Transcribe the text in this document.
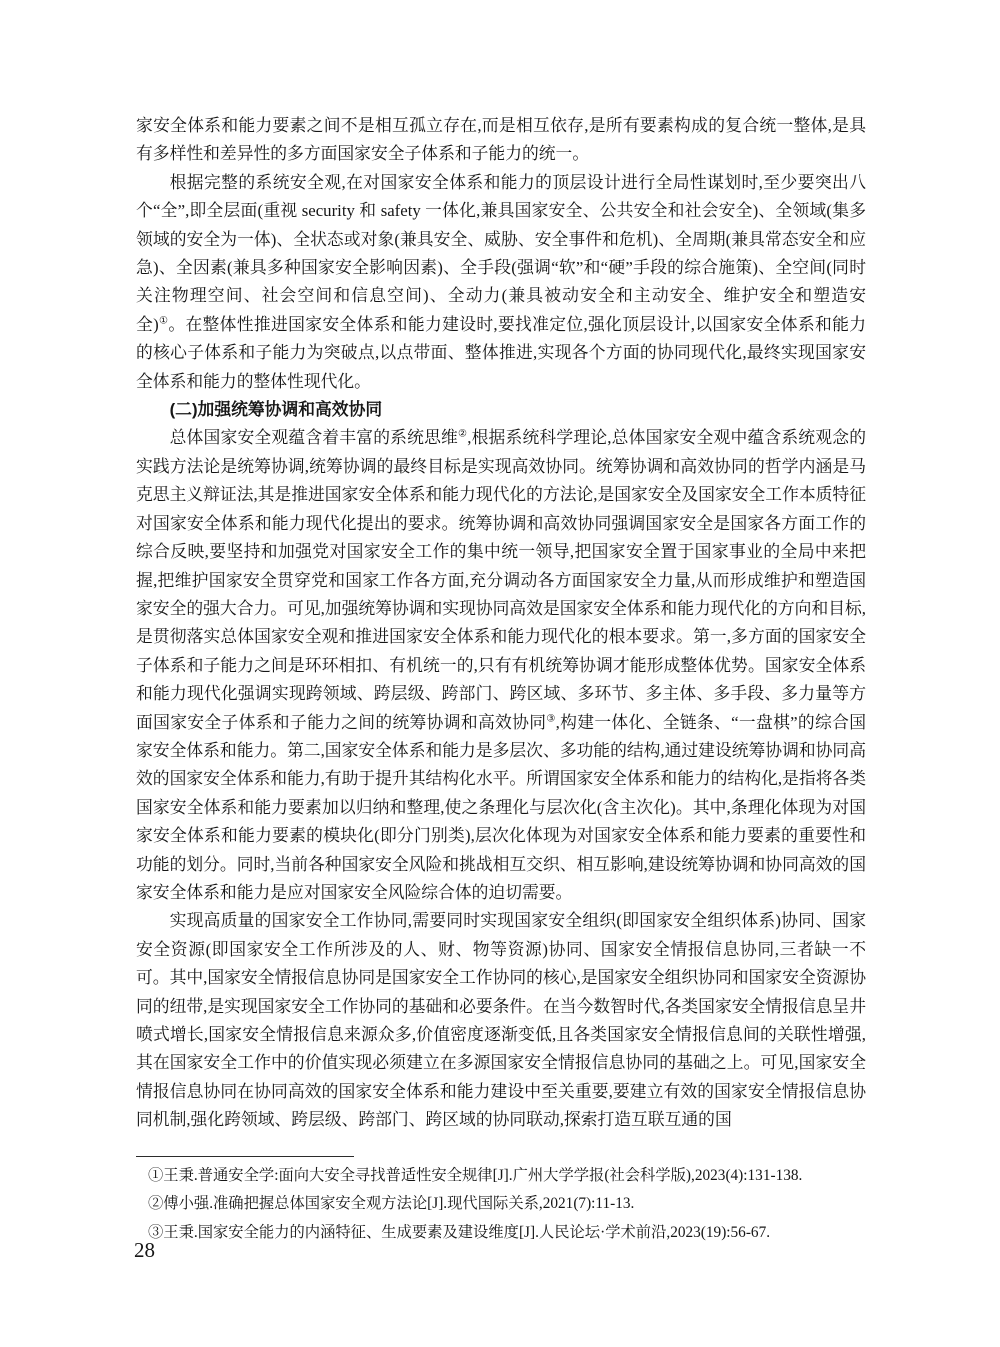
家安全体系和能力要素之间不是相互孤立存在,而是相互依存,是所有要素构成的复合统一整体,是具有多样性和差异性的多方面国家安全子体系和子能力的统一。

根据完整的系统安全观,在对国家安全体系和能力的顶层设计进行全局性谋划时,至少要突出八个“全”,即全层面(重视 security 和 safety 一体化,兼具国家安全、公共安全和社会安全)、全领域(集多领域的安全为一体)、全状态或对象(兼具安全、威胁、安全事件和危机)、全周期(兼具常态安全和应急)、全因素(兼具多种国家安全影响因素)、全手段(强调“软”和“硬”手段的综合施策)、全空间(同时关注物理空间、社会空间和信息空间)、全动力(兼具被动安全和主动安全、维护安全和塑造安全)①。在整体性推进国家安全体系和能力建设时,要找准定位,强化顶层设计,以国家安全体系和能力的核心子体系和子能力为突破点,以点带面、整体推进,实现各个方面的协同现代化,最终实现国家安全体系和能力的整体性现代化。

(二)加强统筹协调和高效协同

总体国家安全观蕴含着丰富的系统思维②,根据系统科学理论,总体国家安全观中蕴含系统观念的实践方法论是统筹协调,统筹协调的最终目标是实现高效协同。统筹协调和高效协同的哲学内涵是马克思主义辩证法,其是推进国家安全体系和能力现代化的方法论,是国家安全及国家安全工作本质特征对国家安全体系和能力现代化提出的要求。统筹协调和高效协同强调国家安全是国家各方面工作的综合反映,要坚持和加强党对国家安全工作的集中统一领导,把国家安全置于国家事业的全局中来把握,把维护国家安全贯穿党和国家工作各方面,充分调动各方面国家安全力量,从而形成维护和塑造国家安全的强大合力。可见,加强统筹协调和实现协同高效是国家安全体系和能力现代化的方向和目标,是贯彻落实总体国家安全观和推进国家安全体系和能力现代化的根本要求。第一,多方面的国家安全子体系和子能力之间是环环相扣、有机统一的,只有有机统筹协调才能形成整体优势。国家安全体系和能力现代化强调实现跨领域、跨层级、跨部门、跨区域、多环节、多主体、多手段、多力量等方面国家安全子体系和子能力之间的统筹协调和高效协同③,构建一体化、全链条、“一盘棋”的综合国家安全体系和能力。第二,国家安全体系和能力是多层次、多功能的结构,通过建设统筹协调和协同高效的国家安全体系和能力,有助于提升其结构化水平。所谓国家安全体系和能力的结构化,是指将各类国家安全体系和能力要素加以归纳和整理,使之条理化与层次化(含主次化)。其中,条理化体现为对国家安全体系和能力要素的模块化(即分门别类),层次化体现为对国家安全体系和能力要素的重要性和功能的划分。同时,当前各种国家安全风险和挑战相互交织、相互影响,建设统筹协调和协同高效的国家安全体系和能力是应对国家安全风险综合体的迫切需要。

实现高质量的国家安全工作协同,需要同时实现国家安全组织(即国家安全组织体系)协同、国家安全资源(即国家安全工作所涉及的人、财、物等资源)协同、国家安全情报信息协同,三者缺一不可。其中,国家安全情报信息协同是国家安全工作协同的核心,是国家安全组织协同和国家安全资源协同的纽带,是实现国家安全工作协同的基础和必要条件。在当今数智时代,各类国家安全情报信息呈井喷式增长,国家安全情报信息来源众多,价值密度逐渐变低,且各类国家安全情报信息间的关联性增强,其在国家安全工作中的价值实现必须建立在多源国家安全情报信息协同的基础之上。可见,国家安全情报信息协同在协同高效的国家安全体系和能力建设中至关重要,要建立有效的国家安全情报信息协同机制,强化跨领域、跨层级、跨部门、跨区域的协同联动,探索打造互联互通的国

①王秉.普通安全学:面向大安全寻找普适性安全规律[J].广州大学学报(社会科学版),2023(4):131-138.

②傅小强.准确把握总体国家安全观方法论[J].现代国际关系,2021(7):11-13.

③王秉.国家安全能力的内涵特征、生成要素及建设维度[J].人民论坛·学术前沿,2023(19):56-67.

28
